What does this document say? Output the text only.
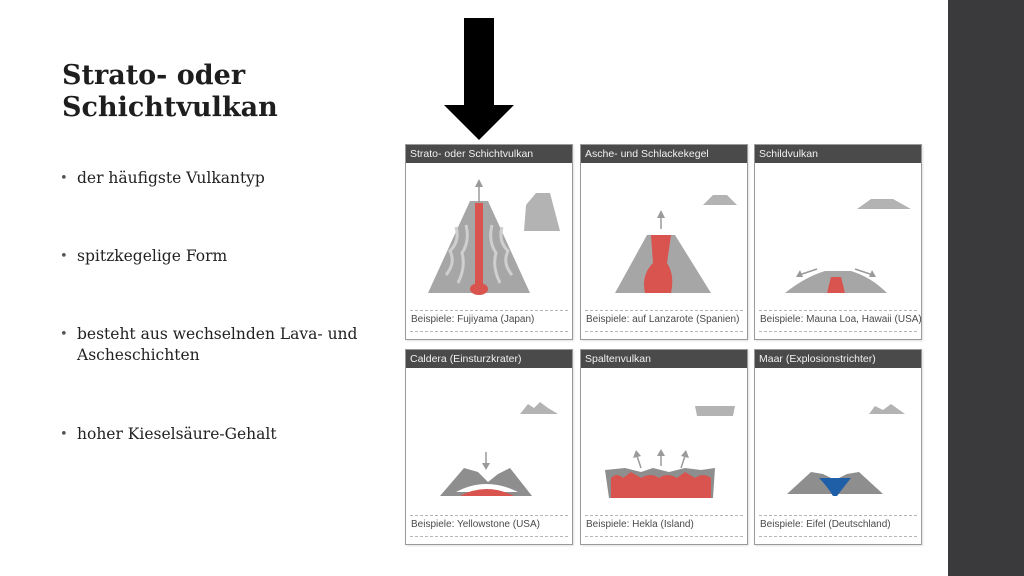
Strato- oder
Schichtvulkan
• der häufigste Vulkantyp
• spitzkegelige Form
• besteht aus wechselnden Lava- und Ascheschichten
• hoher Kieselsäure-Gehalt
Strato- oder Schichtvulkan
Beispiele: Fujiyama (Japan)
Asche- und Schlackekegel
Beispiele: auf Lanzarote (Spanien)
Schildvulkan
Beispiele: Mauna Loa, Hawaii (USA)
Caldera (Einsturzkrater)
Beispiele: Yellowstone (USA)
Spaltenvulkan
Beispiele: Hekla (Island)
Maar (Explosionstrichter)
Beispiele: Eifel (Deutschland)
